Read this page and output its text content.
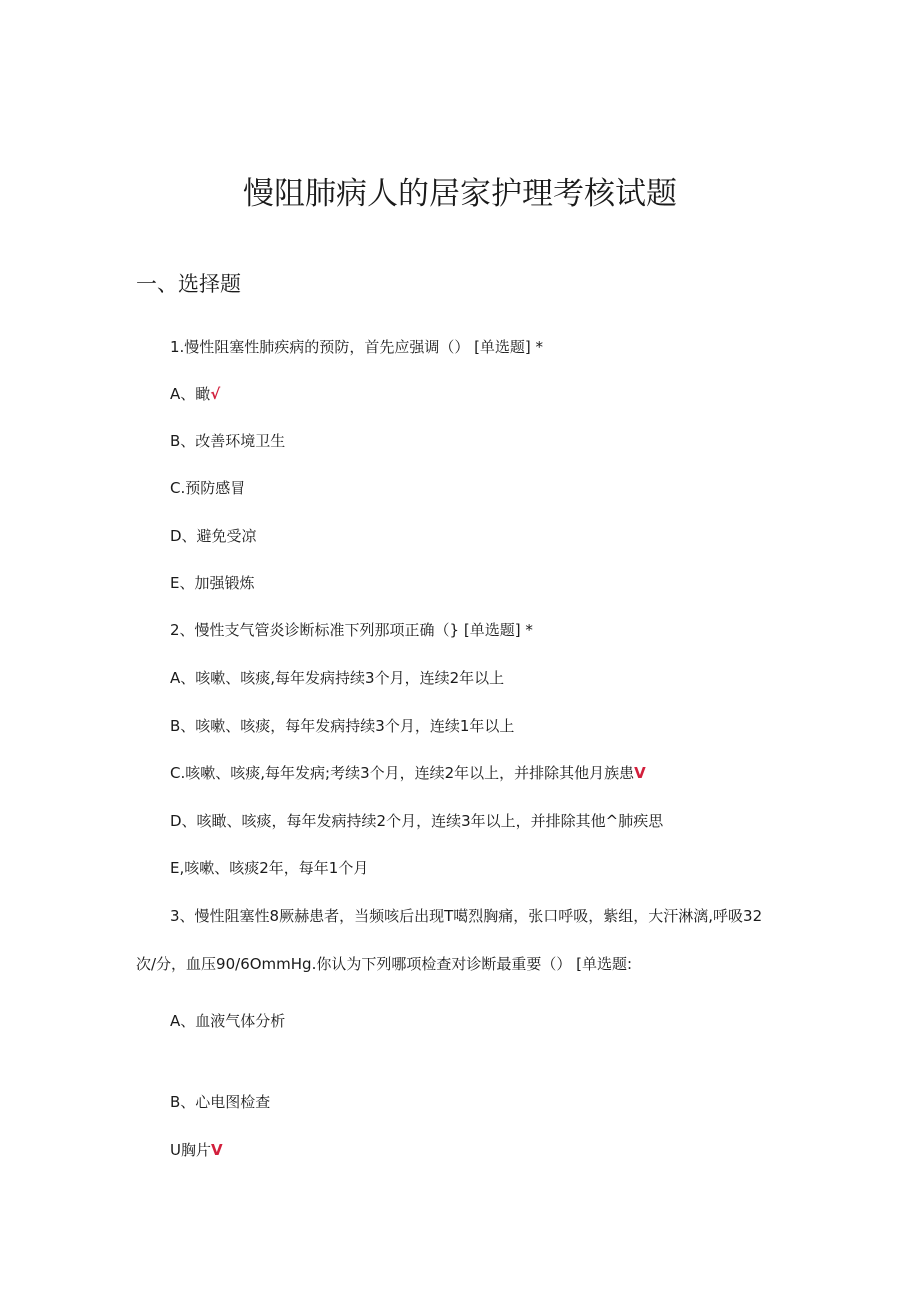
慢阻肺病人的居家护理考核试题
一、选择题
1.慢性阻塞性肺疾病的预防，首先应强调（） [单选题] *
A、瞰√
B、改善环境卫生
C.预防感冒
D、避免受凉
E、加强锻炼
2、慢性支气管炎诊断标准下列那项正确（} [单选题] *
A、咳嗽、咳痰,每年发病持续3个月，连续2年以上
B、咳嗽、咳痰，每年发病持续3个月，连续1年以上
C.咳嗽、咳痰,每年发病;考续3个月，连续2年以上，并排除其他月族患V
D、咳瞰、咳痰，每年发病持续2个月，连续3年以上，并排除其他^肺疾思
E,咳嗽、咳痰2年，每年1个月
3、慢性阻塞性8厥赫患者，当频咳后出现T噶烈胸痛，张口呼吸，紫组，大汗淋漓,呼吸32
次/分，血压90/6OmmHg.你认为下列哪项检查对诊断最重要（） [单选题:
A、血液气体分析
B、心电图检查
U胸片V
